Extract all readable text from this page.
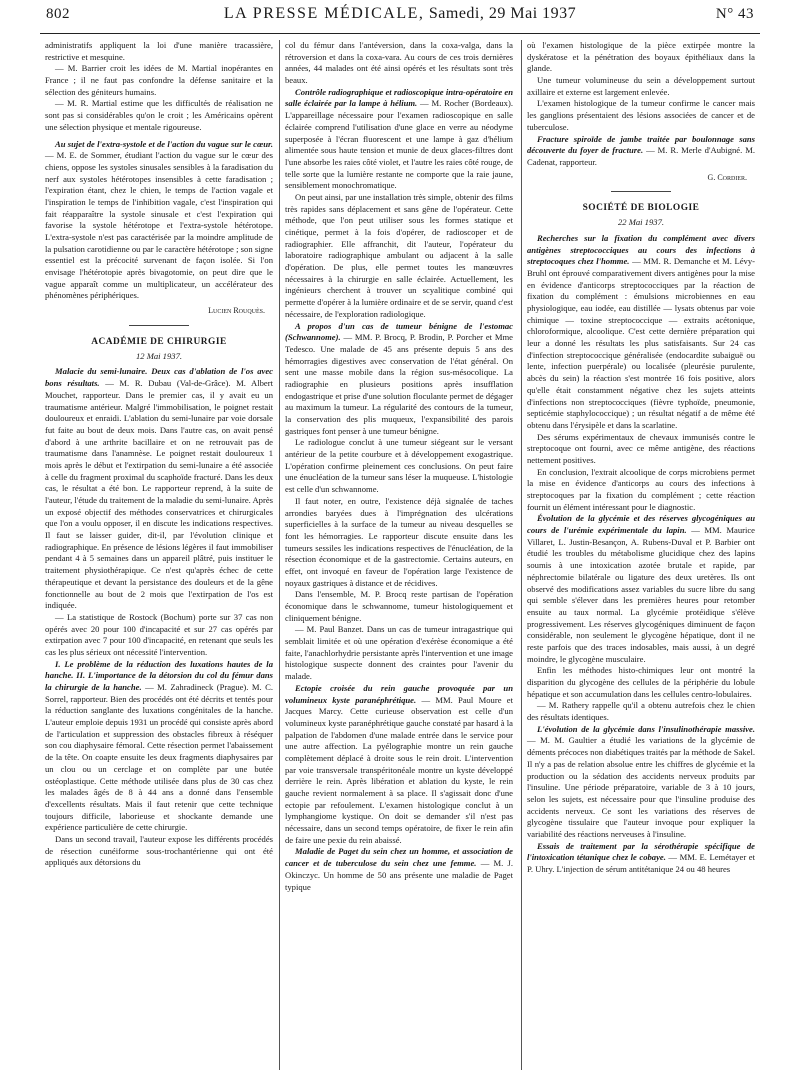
802	LA PRESSE MÉDICALE, Samedi, 29 Mai 1937	N° 43

administratifs appliquent la loi d'une manière tracassière, restrictive et mesquine.

— M. Barrier croit les idées de M. Martial inopérantes en France ; il ne faut pas confondre la défense sanitaire et la sélection des géniteurs humains.

— M. R. Martial estime que les difficultés de réalisation ne sont pas si considérables qu'on le croit ; les Américains opèrent une sélection physique et mentale rigoureuse.

Au sujet de l'extra-systole et de l'action du vague sur le cœur. — M. E. de Sommer, étudiant l'action du vague sur le cœur des chiens, oppose les systoles sinusales sensibles à la faradisation du nerf aux systoles hétérotopes insensibles à cette faradisation ; l'expiration étant, chez le chien, le temps de l'action vagale et l'inspiration le temps de l'inhibition vagale, c'est l'inspiration qui fait réapparaître la systole sinusale et c'est l'expiration qui favorise la systole hétérotope et l'extra-systole hétérotope. L'extra-systole n'est pas caractérisée par la moindre amplitude de la pulsation carotidienne ou par le caractère hétérotope ; son signe essentiel est la précocité survenant de façon isolée. Si l'on envisage l'hétérotopie après bivagotomie, on peut dire que le vague apparaît comme un multiplicateur, un accélérateur des phénomènes périphériques.

Lucien Rouquès.

ACADÉMIE DE CHIRURGIE

12 Mai 1937.

Malacie du semi-lunaire. Deux cas d'ablation de l'os avec bons résultats. — M. R. Dubau (Val-de-Grâce). M. Albert Mouchet, rapporteur. Dans le premier cas, il y avait eu un traumatisme antérieur. Malgré l'immobilisation, le poignet restait douloureux et enraidi. L'ablation du semi-lunaire par voie dorsale fut faite au bout de deux mois. Dans l'autre cas, on avait pensé d'abord à une arthrite bacillaire et on ne retrouvait pas de traumatisme dans l'anamnèse. Le poignet restait douloureux 1 mois après le début et l'extirpation du semi-lunaire a été associée à celle du fragment proximal du scaphoïde fracturé. Dans les deux cas, le résultat a été bon. Le rapporteur reprend, à la suite de l'auteur, l'étude du traitement de la maladie du semi-lunaire. Après un exposé objectif des méthodes conservatrices et chirurgicales que l'on a voulu opposer, il en discute les indications respectives. Il faut se laisser guider, dit-il, par l'évolution clinique et radiographique. En présence de lésions légères il faut immobiliser pendant 4 à 5 semaines dans un appareil plâtré, puis instituer le traitement physiothérapique. Ce n'est qu'après échec de cette thérapeutique et devant la persistance des douleurs et de la gêne fonctionnelle au bout de 2 mois que l'extirpation de l'os est indiquée.

— La statistique de Rostock (Bochum) porte sur 37 cas non opérés avec 20 pour 100 d'incapacité et sur 27 cas opérés par extirpation avec 7 pour 100 d'incapacité, en retenant que seuls les cas les plus sérieux ont nécessité l'intervention.

I. Le problème de la réduction des luxations hautes de la hanche. II. L'importance de la détorsion du col du fémur dans la chirurgie de la hanche. — M. Zahradineck (Prague). M. C. Sorrel, rapporteur. Bien des procédés ont été décrits et tentés pour la réduction sanglante des luxations congénitales de la hanche. L'auteur emploie depuis 1931 un procédé qui consiste après abord de l'articulation et suppression des obstacles fibreux à réséquer son cou diaphysaire fémoral. Cette résection permet l'abaissement de la tête. On coapte ensuite les deux fragments diaphysaires par un clou ou un cerclage et on complète par une butée ostéoplastique. Cette méthode utilisée dans plus de 30 cas chez les malades âgés de 8 à 44 ans a donné dans l'ensemble d'excellents résultats. Mais il faut retenir que cette technique toujours difficile, laborieuse et shockante demande une expérience particulière de cette chirurgie.

Dans un second travail, l'auteur expose les différents procédés de résection cunéiforme sous-trochantérienne qui ont été appliqués aux détorsions du

col du fémur dans l'antéversion, dans la coxa-valga, dans la rétroversion et dans la coxa-vara. Au cours de ces trois dernières années, 44 malades ont été ainsi opérés et les résultats sont très beaux.

Contrôle radiographique et radioscopique intra-opératoire en salle éclairée par la lampe à hélium. — M. Rocher (Bordeaux). L'appareillage nécessaire pour l'examen radioscopique en salle éclairée comprend l'utilisation d'une glace en verre au néodyme superposée à l'écran fluorescent et une lampe à gaz d'hélium alimentée sous haute tension et munie de deux glaces-filtres dont l'une absorbe les raies côté violet, et l'autre les raies côté rouge, de telle sorte que la lumière restante ne comporte que la raie jaune, sensiblement monochromatique.

On peut ainsi, par une installation très simple, obtenir des films très rapides sans déplacement et sans gêne de l'opérateur. Cette méthode, que l'on peut utiliser sous les formes statique et cinétique, permet à la fois d'opérer, de radioscoper et de radiographier. Elle affranchit, dit l'auteur, l'opérateur du laboratoire radiographique ambulant ou adjacent à la salle d'opération. De plus, elle permet toutes les manœuvres nécessaires à la chirurgie en salle éclairée. Actuellement, les ingénieurs cherchent à trouver un scyalitique combiné qui permette d'opérer à la lumière ordinaire et de se servir, quand c'est nécessaire, de l'exploration radiologique.

A propos d'un cas de tumeur bénigne de l'estomac (Schwannome). — MM. P. Brocq, P. Brodin, P. Porcher et Mme Tedesco. Une malade de 45 ans présente depuis 5 ans des hémorragies digestives avec conservation de l'état général. On sent une masse mobile dans la région sus-mésocolique. La radiographie en plusieurs positions après insufflation endogastrique et prise d'une solution floculante permet de dégager au maximum la tumeur. La régularité des contours de la tumeur, la conservation des plis muqueux, l'expansibilité des parois gastriques font penser à une tumeur bénigne.

Le radiologue conclut à une tumeur siégeant sur le versant antérieur de la petite courbure et à développement exogastrique. L'opération confirme pleinement ces conclusions. On peut faire une énucléation de la tumeur sans léser la muqueuse. L'histologie est celle d'un schwannome.

Il faut noter, en outre, l'existence déjà signalée de taches arrondies baryées dues à l'imprégnation des ulcérations superficielles à la surface de la tumeur au niveau desquelles se font les hémorragies. Le rapporteur discute ensuite dans les tumeurs sessiles les indications respectives de l'énucléation, de la résection économique et de la gastrectomie. Certains auteurs, en effet, ont invoqué en faveur de l'opération large l'existence de noyaux gastriques à distance et de récidives.

Dans l'ensemble, M. P. Brocq reste partisan de l'opération économique dans le schwannome, tumeur histologiquement et cliniquement bénigne.

— M. Paul Banzet. Dans un cas de tumeur intragastrique qui semblait limitée et où une opération d'exérèse économique a été faite, l'anachlorhydrie persistante après l'intervention et une image histologique suspecte donnent des craintes pour l'avenir du malade.

Ectopie croisée du rein gauche provoquée par un volumineux kyste paranéphrétique. — MM. Paul Moure et Jacques Marcy. Cette curieuse observation est celle d'un volumineux kyste paranéphrétique gauche constaté par hasard à la palpation de l'abdomen d'une malade entrée dans le service pour une autre affection. La pyélographie montre un rein gauche complètement déplacé à droite sous le rein droit. L'intervention par voie transversale transpéritonéale montre un kyste développé derrière le rein. Après libération et ablation du kyste, le rein gauche revient normalement à sa place. Il s'agissait donc d'une ectopie par refoulement. L'examen histologique conclut à un lymphangiome kystique. On doit se demander s'il n'est pas nécessaire, dans un second temps opératoire, de fixer le rein afin de faire une pexie du rein abaissé.

Maladie de Paget du sein chez un homme, et association de cancer et de tuberculose du sein chez une femme. — M. J. Okinczyc. Un homme de 50 ans présente une maladie de Paget typique

où l'examen histologique de la pièce extirpée montre la dyskératose et la pénétration des boyaux épithéliaux dans la glande.

Une tumeur volumineuse du sein a développement surtout axillaire et externe est largement enlevée.

L'examen histologique de la tumeur confirme le cancer mais les ganglions présentaient des lésions associées de cancer et de tuberculose.

Fracture spiroïde de jambe traitée par boulonnage sans découverte du foyer de fracture. — M. R. Merle d'Aubigné. M. Cadenat, rapporteur.

G. Cordier.

SOCIÉTÉ DE BIOLOGIE

22 Mai 1937.

Recherches sur la fixation du complément avec divers antigènes streptococciques au cours des infections à streptocoques chez l'homme. — MM. R. Demanche et M. Lévy-Bruhl ont éprouvé comparativement divers antigènes pour la mise en évidence d'anticorps streptococciques par la réaction de fixation du complément : émulsions microbiennes en eau physiologique, eau iodée, eau distillée — lysats obtenus par voie chimique — toxine streptococcique — extraits acétonique, chloroformique, alcoolique. C'est cette dernière préparation qui leur a donné les résultats les plus satisfaisants. Sur 24 cas d'infection streptococcique généralisée (endocardite subaiguë ou lente, infection puerpérale) ou localisée (pleurésie purulente, abcès du sein) la réaction s'est montrée 16 fois positive, alors qu'elle était constamment négative chez les sujets atteints d'infections non streptococciques (fièvre typhoïde, pneumonie, septicémie staphylococcique) ; un résultat négatif a de même été obtenu dans l'érysipèle et dans la scarlatine.

Des sérums expérimentaux de chevaux immunisés contre le streptocoque ont fourni, avec ce même antigène, des réactions nettement positives.

En conclusion, l'extrait alcoolique de corps microbiens permet la mise en évidence d'anticorps au cours des infections à streptocoques par la fixation du complément ; cette réaction fournit un élément intéressant pour le diagnostic.

Évolution de la glycémie et des réserves glycogéniques au cours de l'urémie expérimentale du lapin. — MM. Maurice Villaret, L. Justin-Besançon, A. Rubens-Duval et P. Barbier ont étudié les troubles du métabolisme glucidique chez des lapins soumis à une intoxication azotée brutale et rapide, par néphrectomie bilatérale ou ligature des deux uretères. Ils ont observé des modifications assez variables du sucre libre du sang qui semble s'élever dans les premières heures pour retomber ensuite au taux normal. La glycémie protéidique s'élève progressivement. Les réserves glycogéniques diminuent de façon considérable, non seulement le glycogène hépatique, dont il ne reste parfois que des traces indosables, mais aussi, à un degré moindre, le glycogène musculaire.

Enfin les méthodes histo-chimiques leur ont montré la disparition du glycogène des cellules de la périphérie du lobule hépatique et son accumulation dans les cellules centro-lobulaires.

— M. Rathery rappelle qu'il a obtenu autrefois chez le chien des résultats identiques.

L'évolution de la glycémie dans l'insulinothérapie massive. — M. M. Gaultier a étudié les variations de la glycémie de déments précoces non diabétiques traités par la méthode de Sakel. Il n'y a pas de relation absolue entre les chiffres de glycémie et la production ou la sédation des accidents nerveux produits par l'insuline. Une période préparatoire, variable de 3 à 10 jours, selon les sujets, est nécessaire pour que l'insuline produise des accidents nerveux. Ce sont les variations des réserves de glycogène tissulaire que l'auteur invoque pour expliquer la variabilité des réactions nerveuses à l'insuline.

Essais de traitement par la sérothérapie spécifique de l'intoxication tétanique chez le cobaye. — MM. E. Lemétayer et P. Uhry. L'injection de sérum antitétanique 24 ou 48 heures
